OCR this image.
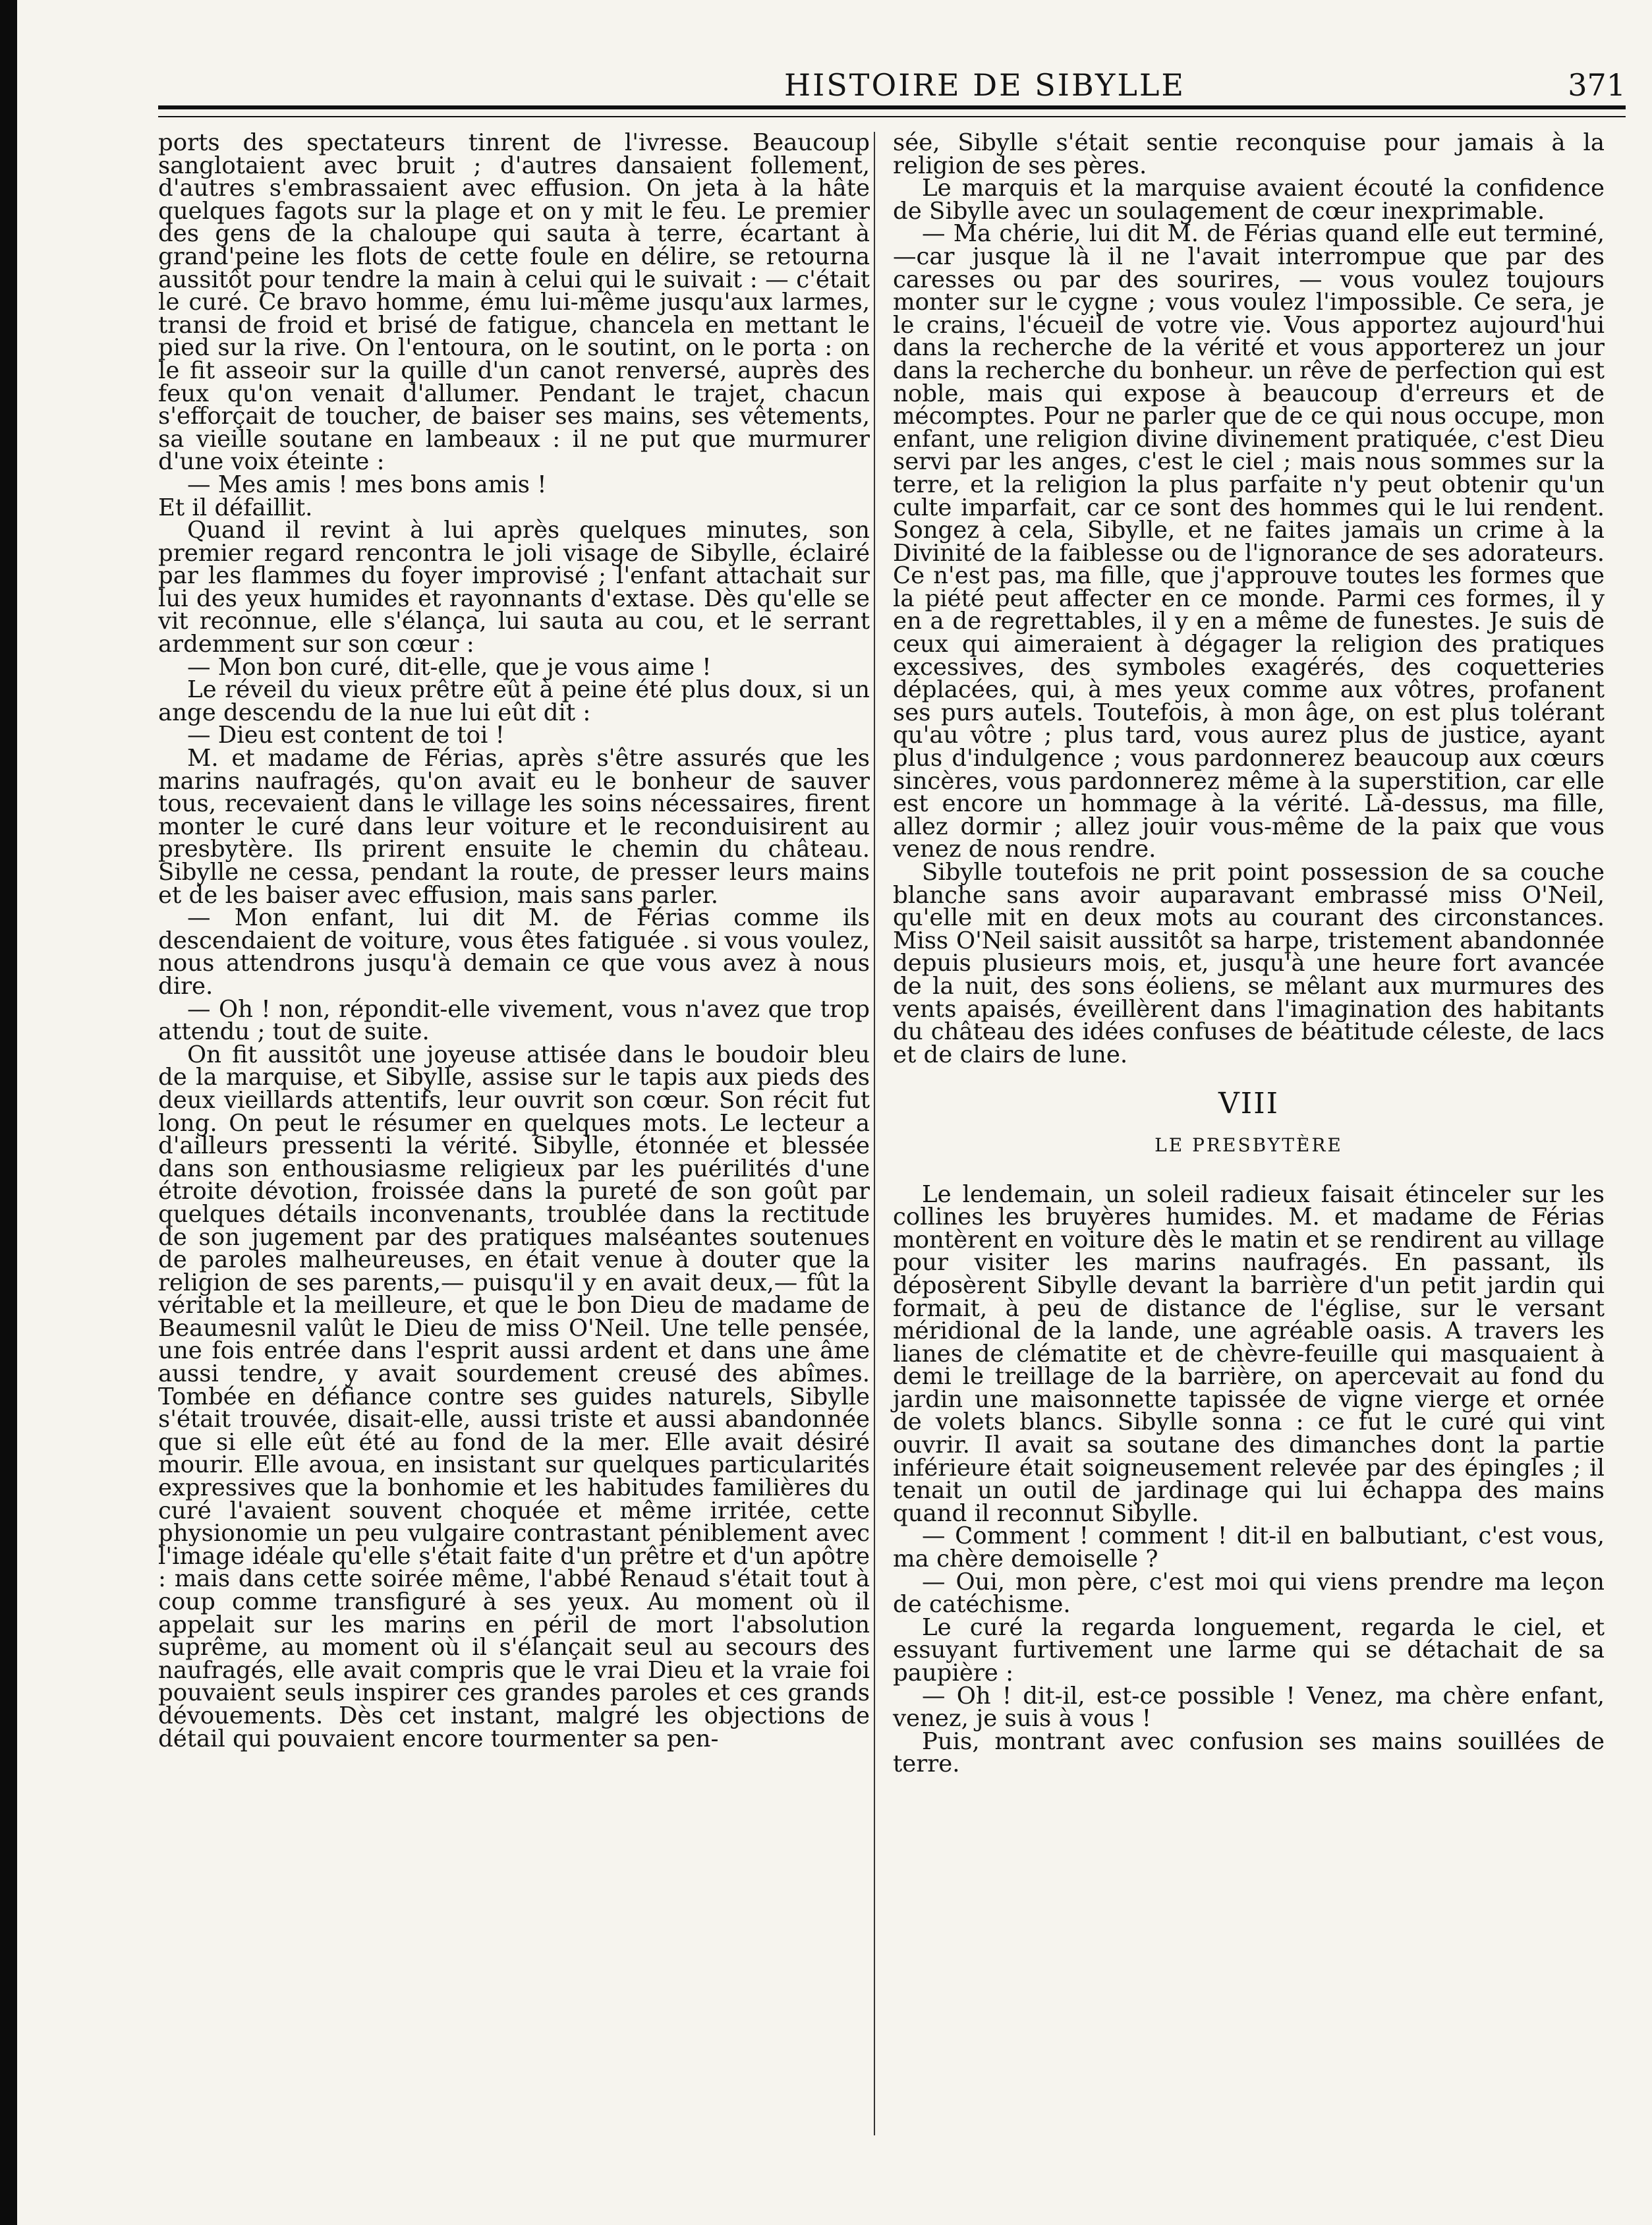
HISTOIRE DE SIBYLLE	371

ports des spectateurs tinrent de l'ivresse. Beaucoup sanglotaient avec bruit ; d'autres dansaient follement, d'autres s'embrassaient avec effusion. On jeta à la hâte quelques fagots sur la plage et on y mit le feu. Le premier des gens de la chaloupe qui sauta à terre, écartant à grand'peine les flots de cette foule en délire, se retourna aussitôt pour tendre la main à celui qui le suivait : — c'était le curé. Ce bravo homme, ému lui-même jusqu'aux larmes, transi de froid et brisé de fatigue, chancela en mettant le pied sur la rive. On l'entoura, on le soutint, on le porta : on le fit asseoir sur la quille d'un canot renversé, auprès des feux qu'on venait d'allumer. Pendant le trajet, chacun s'efforçait de toucher, de baiser ses mains, ses vêtements, sa vieille soutane en lambeaux : il ne put que murmurer d'une voix éteinte :

— Mes amis ! mes bons amis !

Et il défaillit.

Quand il revint à lui après quelques minutes, son premier regard rencontra le joli visage de Sibylle, éclairé par les flammes du foyer improvisé ; l'enfant attachait sur lui des yeux humides et rayonnants d'extase. Dès qu'elle se vit reconnue, elle s'élança, lui sauta au cou, et le serrant ardemment sur son cœur :

— Mon bon curé, dit-elle, que je vous aime !

Le réveil du vieux prêtre eût à peine été plus doux, si un ange descendu de la nue lui eût dit :

— Dieu est content de toi !

M. et madame de Férias, après s'être assurés que les marins naufragés, qu'on avait eu le bonheur de sauver tous, recevaient dans le village les soins nécessaires, firent monter le curé dans leur voiture et le reconduisirent au presbytère. Ils prirent ensuite le chemin du château. Sibylle ne cessa, pendant la route, de presser leurs mains et de les baiser avec effusion, mais sans parler.

— Mon enfant, lui dit M. de Férias comme ils descendaient de voiture, vous êtes fatiguée . si vous voulez, nous attendrons jusqu'à demain ce que vous avez à nous dire.

— Oh ! non, répondit-elle vivement, vous n'avez que trop attendu ; tout de suite.

On fit aussitôt une joyeuse attisée dans le boudoir bleu de la marquise, et Sibylle, assise sur le tapis aux pieds des deux vieillards attentifs, leur ouvrit son cœur. Son récit fut long. On peut le résumer en quelques mots. Le lecteur a d'ailleurs pressenti la vérité. Sibylle, étonnée et blessée dans son enthousiasme religieux par les puérilités d'une étroite dévotion, froissée dans la pureté de son goût par quelques détails inconvenants, troublée dans la rectitude de son jugement par des pratiques malséantes soutenues de paroles malheureuses, en était venue à douter que la religion de ses parents,— puisqu'il y en avait deux,— fût la véritable et la meilleure, et que le bon Dieu de madame de Beaumesnil valût le Dieu de miss O'Neil. Une telle pensée, une fois entrée dans l'esprit aussi ardent et dans une âme aussi tendre, y avait sourdement creusé des abîmes. Tombée en défiance contre ses guides naturels, Sibylle s'était trouvée, disait-elle, aussi triste et aussi abandonnée que si elle eût été au fond de la mer. Elle avait désiré mourir. Elle avoua, en insistant sur quelques particularités expressives que la bonhomie et les habitudes familières du curé l'avaient souvent choquée et même irritée, cette physionomie un peu vulgaire contrastant péniblement avec l'image idéale qu'elle s'était faite d'un prêtre et d'un apôtre : mais dans cette soirée même, l'abbé Renaud s'était tout à coup comme transfiguré à ses yeux. Au moment où il appelait sur les marins en péril de mort l'absolution suprême, au moment où il s'élançait seul au secours des naufragés, elle avait compris que le vrai Dieu et la vraie foi pouvaient seuls inspirer ces grandes paroles et ces grands dévouements. Dès cet instant, malgré les objections de détail qui pouvaient encore tourmenter sa pen-

sée, Sibylle s'était sentie reconquise pour jamais à la religion de ses pères.

Le marquis et la marquise avaient écouté la confidence de Sibylle avec un soulagement de cœur inexprimable.

— Ma chérie, lui dit M. de Férias quand elle eut terminé,—car jusque là il ne l'avait interrompue que par des caresses ou par des sourires, — vous voulez toujours monter sur le cygne ; vous voulez l'impossible. Ce sera, je le crains, l'écueil de votre vie. Vous apportez aujourd'hui dans la recherche de la vérité et vous apporterez un jour dans la recherche du bonheur. un rêve de perfection qui est noble, mais qui expose à beaucoup d'erreurs et de mécomptes. Pour ne parler que de ce qui nous occupe, mon enfant, une religion divine divinement pratiquée, c'est Dieu servi par les anges, c'est le ciel ; mais nous sommes sur la terre, et la religion la plus parfaite n'y peut obtenir qu'un culte imparfait, car ce sont des hommes qui le lui rendent. Songez à cela, Sibylle, et ne faites jamais un crime à la Divinité de la faiblesse ou de l'ignorance de ses adorateurs. Ce n'est pas, ma fille, que j'approuve toutes les formes que la piété peut affecter en ce monde. Parmi ces formes, il y en a de regrettables, il y en a même de funestes. Je suis de ceux qui aimeraient à dégager la religion des pratiques excessives, des symboles exagérés, des coquetteries déplacées, qui, à mes yeux comme aux vôtres, profanent ses purs autels. Toutefois, à mon âge, on est plus tolérant qu'au vôtre ; plus tard, vous aurez plus de justice, ayant plus d'indulgence ; vous pardonnerez beaucoup aux cœurs sincères, vous pardonnerez même à la superstition, car elle est encore un hommage à la vérité. Là-dessus, ma fille, allez dormir ; allez jouir vous-même de la paix que vous venez de nous rendre.

Sibylle toutefois ne prit point possession de sa couche blanche sans avoir auparavant embrassé miss O'Neil, qu'elle mit en deux mots au courant des circonstances. Miss O'Neil saisit aussitôt sa harpe, tristement abandonnée depuis plusieurs mois, et, jusqu'à une heure fort avancée de la nuit, des sons éoliens, se mêlant aux murmures des vents apaisés, éveillèrent dans l'imagination des habitants du château des idées confuses de béatitude céleste, de lacs et de clairs de lune.

VIII
LE PRESBYTÈRE

Le lendemain, un soleil radieux faisait étinceler sur les collines les bruyères humides. M. et madame de Férias montèrent en voiture dès le matin et se rendirent au village pour visiter les marins naufragés. En passant, ils déposèrent Sibylle devant la barrière d'un petit jardin qui formait, à peu de distance de l'église, sur le versant méridional de la lande, une agréable oasis. A travers les lianes de clématite et de chèvre-feuille qui masquaient à demi le treillage de la barrière, on apercevait au fond du jardin une maisonnette tapissée de vigne vierge et ornée de volets blancs. Sibylle sonna : ce fut le curé qui vint ouvrir. Il avait sa soutane des dimanches dont la partie inférieure était soigneusement relevée par des épingles ; il tenait un outil de jardinage qui lui échappa des mains quand il reconnut Sibylle.

— Comment ! comment ! dit-il en balbutiant, c'est vous, ma chère demoiselle ?

— Oui, mon père, c'est moi qui viens prendre ma leçon de catéchisme.

Le curé la regarda longuement, regarda le ciel, et essuyant furtivement une larme qui se détachait de sa paupière :

— Oh ! dit-il, est-ce possible ! Venez, ma chère enfant, venez, je suis à vous !

Puis, montrant avec confusion ses mains souillées de terre.
